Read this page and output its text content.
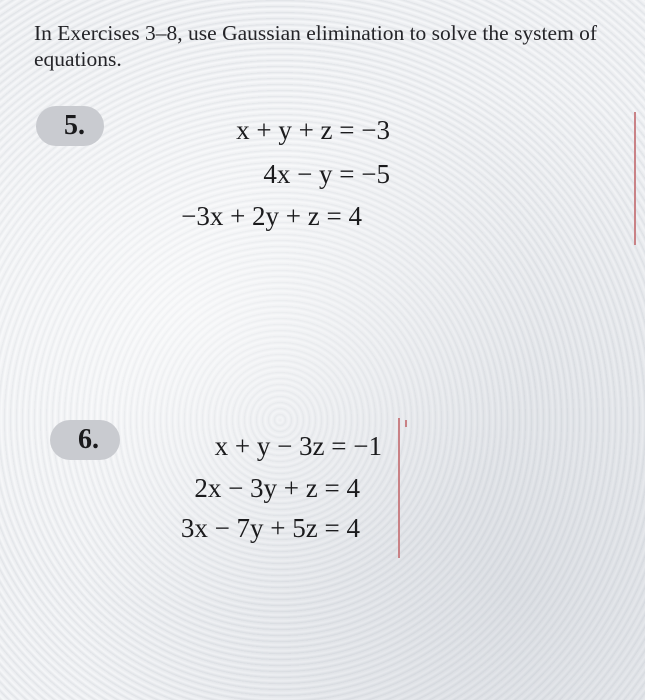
In Exercises 3–8, use Gaussian elimination to solve the system of equations.
5.	x + y + z = −3
4x − y = −5
−3x + 2y + z = 4
6.	x + y − 3z = −1
2x − 3y + z = 4
3x − 7y + 5z = 4
